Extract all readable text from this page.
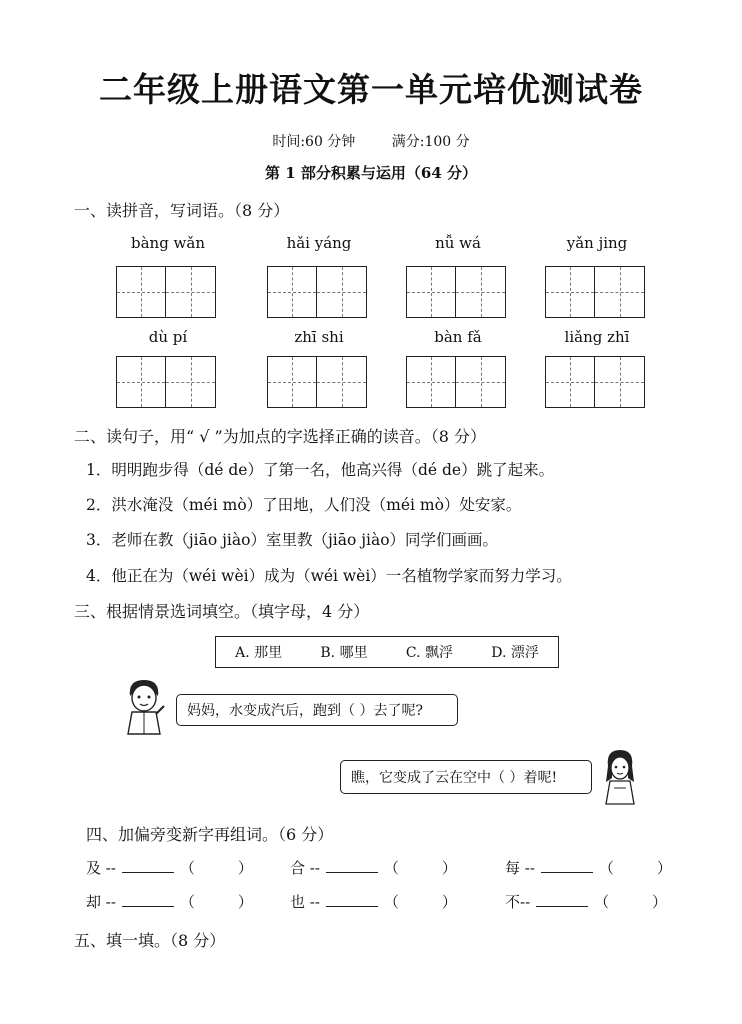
二年级上册语文第一单元培优测试卷
时间:60 分钟	满分:100 分
第 1 部分积累与运用（64 分）
一、读拼音，写词语。（8 分）
bàng wǎn	hǎi yáng	nǚ wá	yǎn jing
dù pí	zhī shi	bàn fǎ	liǎng zhī
二、读句子，用“ √ ”为加点的字选择正确的读音。（8 分）
1．明明跑步得（dé de）了第一名，他高兴得（dé de）跳了起来。
2．洪水淹没（méi mò）了田地，人们没（méi mò）处安家。
3．老师在教（jiāo jiào）室里教（jiāo jiào）同学们画画。
4．他正在为（wéi wèi）成为（wéi wèi）一名植物学家而努力学习。
三、根据情景选词填空。（填字母，4 分）
A. 那里	B. 哪里	C. 飘浮	D. 漂浮
妈妈，水变成汽后，跑到（ ）去了呢?
瞧，它变成了云在空中（ ）着呢!
四、加偏旁变新字再组词。（6 分）
及 --	（         ） 合 --	（         ）	每 --	（         ）
却 --	（         ） 也 --	（         ）	不--	（         ）
五、填一填。（8 分）
